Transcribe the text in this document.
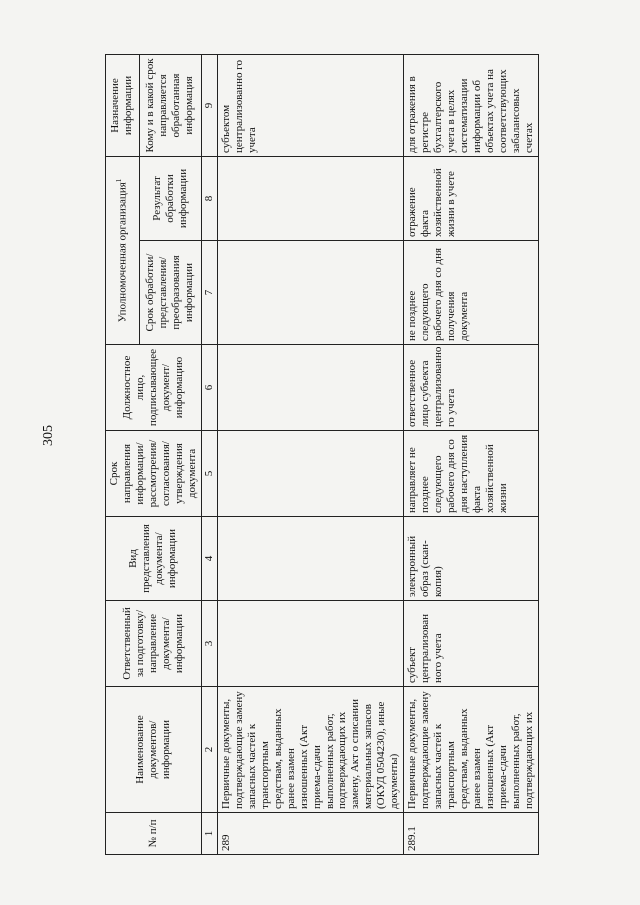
305
№ п/п	Наименование документов/ информации	Ответственный за подготовку/ направление документа/ информации	Вид представления документа/ информации	Срок направления информации/ рассмотрения/ согласования/ утверждения документа	Должностное лицо, подписывающее документ/ информацию	Уполномоченная организация$^1$		Назначение информации
						Срок обработки/ представления/ преобразования информации	Результат обработки информации	Кому и в какой срок направляется обработанная информация
1	2	3	4	5	6	7	8	9
289	Первичные документы, подтверждающие замену запасных частей к транспортным средствам, выданных ранее взамен изношенных (Акт приема-сдачи выполненных работ, подтверждающих их замену, Акт о списании материальных запасов (ОКУД 0504230), иные документы)							субъектом централизованно го учета
289.1	Первичные документы, подтверждающие замену запасных частей к транспортным средствам, выданных ранее взамен изношенных (Акт приема-сдачи выполненных работ, подтверждающих их	субъект централизован ного учета	электронный образ (скан-копия)	направляет не позднее следующего рабочего дня со дня наступления факта хозяйственной жизни	ответственное лицо субъекта централизованно го учета	не позднее следующего рабочего дня со дня получения документа	отражение факта хозяйственной жизни в учете	для отражения в регистре бухгалтерского учета в целях систематизации информации об объектах учета на соответствующих забалансовых счетах
